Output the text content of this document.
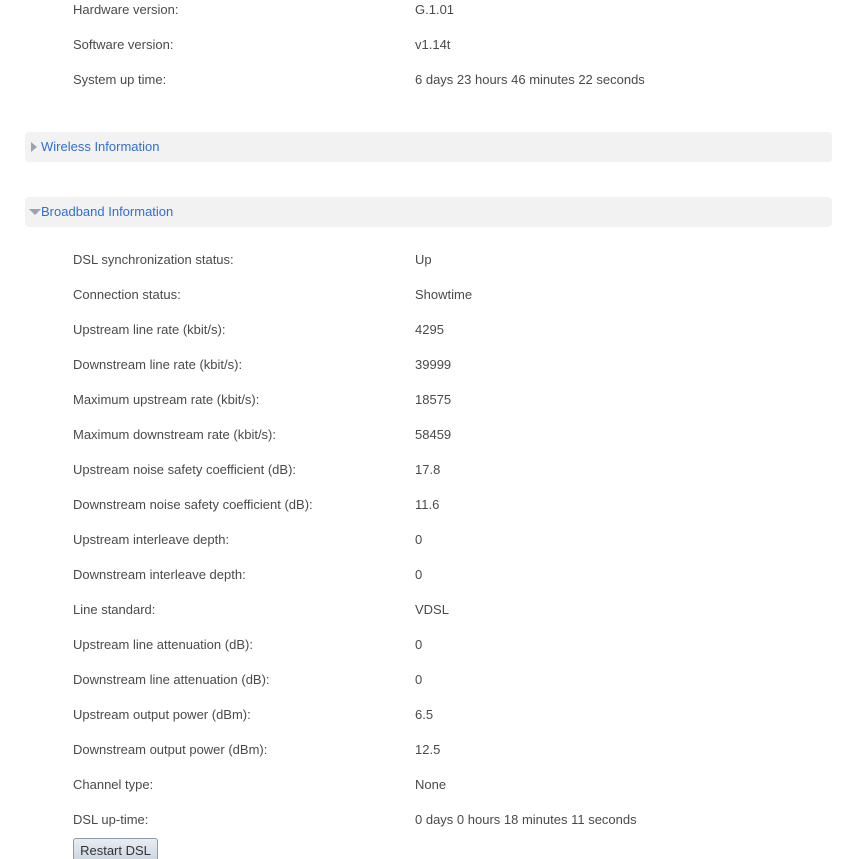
Hardware version:	G.1.01
Software version:	v1.14t
System up time:	6 days 23 hours 46 minutes 22 seconds
Wireless Information
Broadband Information
DSL synchronization status:	Up
Connection status:	Showtime
Upstream line rate (kbit/s):	4295
Downstream line rate (kbit/s):	39999
Maximum upstream rate (kbit/s):	18575
Maximum downstream rate (kbit/s):	58459
Upstream noise safety coefficient (dB):	17.8
Downstream noise safety coefficient (dB):	11.6
Upstream interleave depth:	0
Downstream interleave depth:	0
Line standard:	VDSL
Upstream line attenuation (dB):	0
Downstream line attenuation (dB):	0
Upstream output power (dBm):	6.5
Downstream output power (dBm):	12.5
Channel type:	None
DSL up-time:	0 days 0 hours 18 minutes 11 seconds
Restart DSL
